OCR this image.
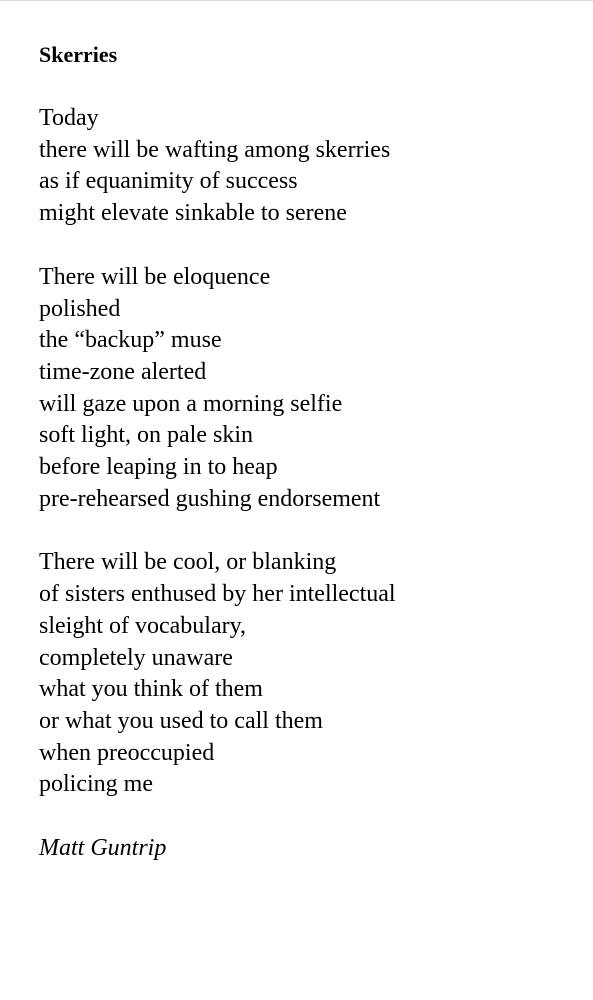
Skerries
Today
there will be wafting among skerries
as if equanimity of success
might elevate sinkable to serene
There will be eloquence
polished
the “backup” muse
time-zone alerted
will gaze upon a morning selfie
soft light, on pale skin
before leaping in to heap
pre-rehearsed gushing endorsement
There will be cool, or blanking
of sisters enthused by her intellectual
sleight of vocabulary,
completely unaware
what you think of them
or what you used to call them
when preoccupied
policing me
Matt Guntrip
